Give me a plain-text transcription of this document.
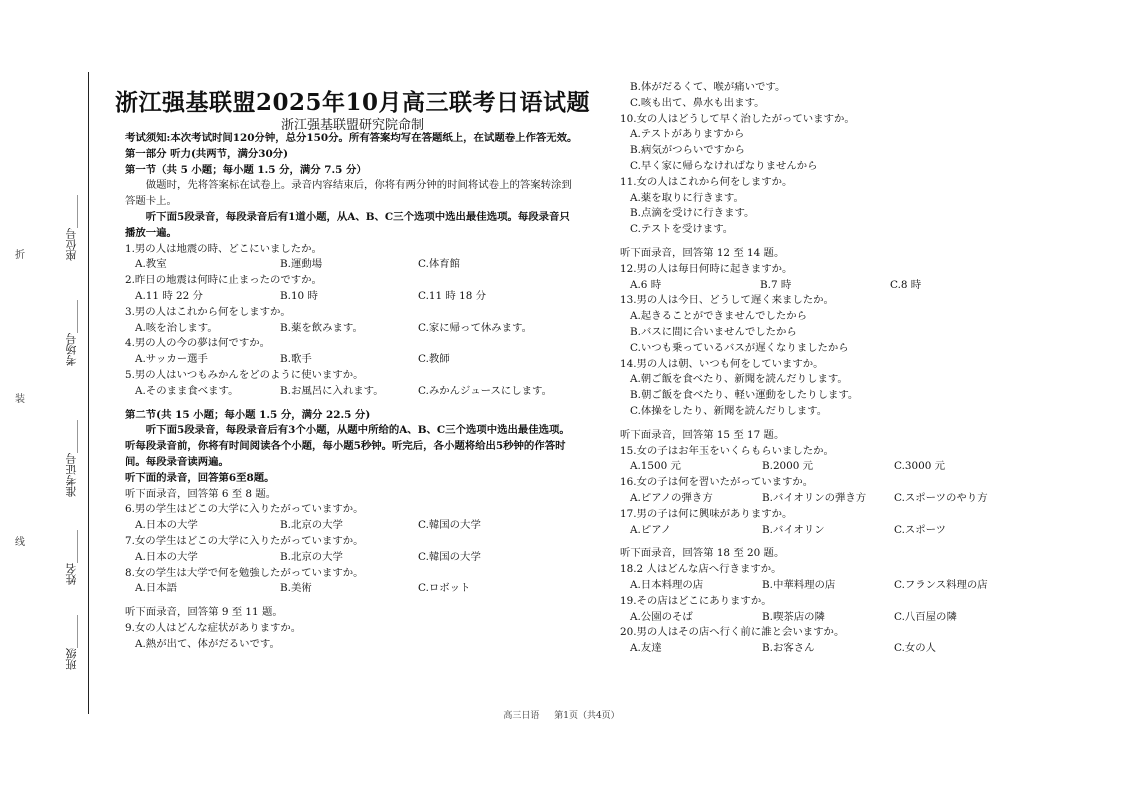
座位号______
考场号______
准考证号______
姓名______
班级______
折
装
线
浙江强基联盟2025年10月高三联考日语试题
浙江强基联盟研究院命制
考试须知:本次考试时间120分钟，总分150分。所有答案均写在答题纸上，在试题卷上作答无效。
第一部分 听力(共两节，满分30分)
第一节（共 5 小题；每小题 1.5 分，满分 7.5 分）
做题时，先将答案标在试卷上。录音内容结束后，你将有两分钟的时间将试卷上的答案转涂到答题卡上。
听下面5段录音，每段录音后有1道小题，从A、B、C三个选项中选出最佳选项。每段录音只播放一遍。
1.男の人は地震の時、どこにいましたか。
A.教室	B.運動場	C.体育館
2.昨日の地震は何時に止まったのですか。
A.11 時 22 分	B.10 時	C.11 時 18 分
3.男の人はこれから何をしますか。
A.咳を治します。	B.薬を飲みます。	C.家に帰って休みます。
4.男の人の今の夢は何ですか。
A.サッカー選手	B.歌手	C.教師
5.男の人はいつもみかんをどのように使いますか。
A.そのまま食べます。	B.お風呂に入れます。	C.みかんジュースにします。
第二节(共 15 小题；每小题 1.5 分，满分 22.5 分)
听下面5段录音，每段录音后有3个小题，从题中所给的A、B、C三个选项中选出最佳选项。听每段录音前，你将有时间阅读各个小题，每小题5秒钟。听完后，各小题将给出5秒钟的作答时间。每段录音读两遍。
听下面的录音，回答第6至8题。
听下面录音，回答第 6 至 8 题。
6.男の学生はどこの大学に入りたがっていますか。
A.日本の大学	B.北京の大学	C.韓国の大学
7.女の学生はどこの大学に入りたがっていますか。
A.日本の大学	B.北京の大学	C.韓国の大学
8.女の学生は大学で何を勉強したがっていますか。
A.日本語	B.美術	C.ロボット
听下面录音，回答第 9 至 11 题。
9.女の人はどんな症状がありますか。
A.熱が出て、体がだるいです。
B.体がだるくて、喉が痛いです。
C.咳も出て、鼻水も出ます。
10.女の人はどうして早く治したがっていますか。
A.テストがありますから
B.病気がつらいですから
C.早く家に帰らなければなりませんから
11.女の人はこれから何をしますか。
A.薬を取りに行きます。
B.点滴を受けに行きます。
C.テストを受けます。
听下面录音，回答第 12 至 14 题。
12.男の人は毎日何時に起きますか。
A.6 時	B.7 時	C.8 時
13.男の人は今日、どうして遅く来ましたか。
A.起きることができませんでしたから
B.バスに間に合いませんでしたから
C.いつも乗っているバスが遅くなりましたから
14.男の人は朝、いつも何をしていますか。
A.朝ご飯を食べたり、新聞を読んだりします。
B.朝ご飯を食べたり、軽い運動をしたりします。
C.体操をしたり、新聞を読んだりします。
听下面录音，回答第 15 至 17 题。
15.女の子はお年玉をいくらもらいましたか。
A.1500 元	B.2000 元	C.3000 元
16.女の子は何を習いたがっていますか。
A.ピアノの弾き方	B.バイオリンの弾き方	C.スポーツのやり方
17.男の子は何に興味がありますか。
A.ピアノ	B.バイオリン	C.スポーツ
听下面录音，回答第 18 至 20 题。
18.2 人はどんな店へ行きますか。
A.日本料理の店	B.中華料理の店	C.フランス料理の店
19.その店はどこにありますか。
A.公園のそば	B.喫茶店の隣	C.八百屋の隣
20.男の人はその店へ行く前に誰と会いますか。
A.友達	B.お客さん	C.女の人
高三日语 第1页（共4页）
